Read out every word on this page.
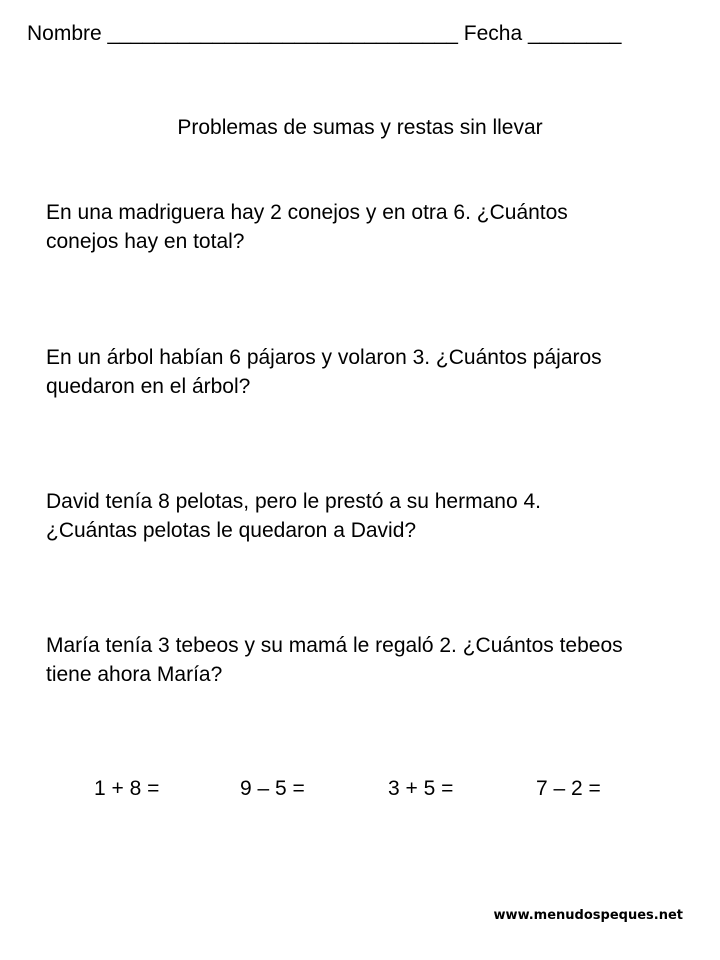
Nombre ______________________________ Fecha ________
Problemas de sumas y restas sin llevar

En una madriguera hay 2 conejos y en otra 6. ¿Cuántos

conejos hay en total?

En un árbol habían 6 pájaros y volaron 3. ¿Cuántos pájaros

quedaron en el árbol?

David tenía 8 pelotas, pero le prestó a su hermano 4.

¿Cuántas pelotas le quedaron a David?

María tenía 3 tebeos y su mamá le regaló 2. ¿Cuántos tebeos

tiene ahora María?

1 + 8 =	9 – 5 =	3 + 5 =	7 – 2 =
www.menudospeques.net
